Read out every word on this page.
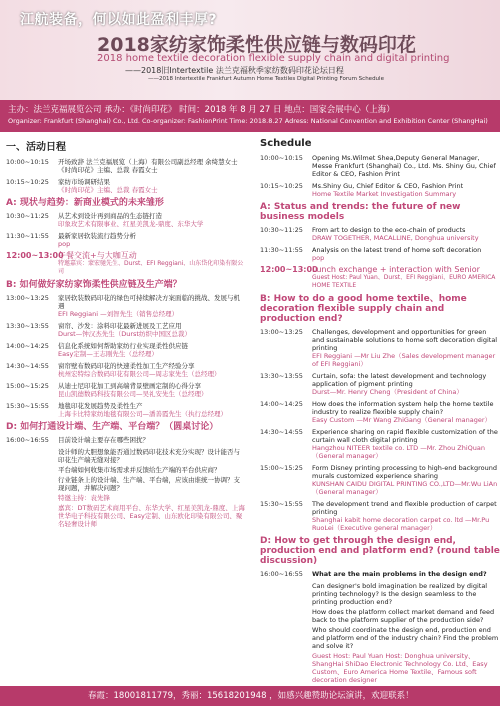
江航装备，何以如此盈利丰厚?
2018家纺家饰柔性供应链与数码印花
2018 home textile decoration flexible supply chain and digital printing
——2018旧Intertextile 法兰克福秋季家纺数码印花论坛日程
——2018 Intertextile Frankfurt Autumn Home Textiles Digital Printing Forum Schedule
主办：法兰克福展览公司 承办：《时尚印花》 时间：2018 年 8 月 27 日 地点：国家会展中心（上海）
Organizer: Frankfurt (Shanghai) Co., Ltd. Co-organizer: FashionPrint Time: 2018.8.27 Adress: National Convention and Exhibition Center (ShangHai)
一、活动日程
10:00~10:15	开场致辞 法兰克福展览（上海）有限公司副总经理 余绮慧女士
《时尚印花》主编、总裁 春霞女士
10:15~10:25	家纺市场调研结果
《时尚印花》主编、总裁 春霞女士
A: 现状与趋势：新商业模式的未来雏形
10:30~11:25	从艺术到设计再到商品的生态链打造
印象玫艺术有限事业、红星美凯龙-鼎度、东华大学
11:30~11:55	最新家居软装流行趋势分析
pop
12:00~13:00
午餐交流+与大咖互动
特邀嘉宾：蒙宏驰先生、Durst、EFI Reggiani、山东岱化印染有限公司
B: 如何做好家纺家饰柔性供应链及生产端？
13:00~13:25	家居软装数码印花的绿色可持续解决方案面临的挑战、发展与机遇
EFI Reggiani —刘智先生（销售总经理）
13:30~13:55	窗帘、沙发：涂料印花最新进展及工艺应用
Durst—钟汉杰先生（Durst纺织中国区总裁）
14:00~14:25	信息化系统如何帮助家纺行业实现柔性供应链
Easy定制—王志刚先生（总经理）
14:30~14:55	窗帘壁布数码印花的快速柔性加工生产经验分享
杭州宏特综合数码印花有限公司—周志家先生（总经理）
15:00~15:25	从迪士尼印花加工到高端背景壁画定制的心得分享
昆山凯德数码科技有限公司—吴礼安先生（总经理）
15:30~15:55	地毯印花发展趋势及柔性生产
上海卡比特家纺地毯有限公司—潘善霞先生（执行总经理）
D: 如何打通设计端、生产端、平台端？（圆桌讨论）
16:00~16:55	目前设计端主要存在哪些困扰？

设计师的大胆想象能否通过数码印花技术充分实现？设计能否与印花生产端无缝对接？

平台端如何收集市场需求并反馈给生产端的平台供应商？

行业链条上的设计端、生产端、平台端，应该由谁统一协调？支现问题，并解决问题？

特邀主持：袁先锋

嘉宾：DT数码艺术商用平台、东华大学、红星美凯龙-鼎度、上海世华电子科技有限公司、Easy定制、山东欧化印染有限公司、聚名轻奢设计师

Schedule
10:00~10:15	Opening Ms.Wilmet Shea,Deputy General Manager, Messe Frankfurt (Shanghai) Co., Ltd. Ms. Shiny Gu, Chief Editor & CEO, Fashion Print
10:15~10:25	Ms.Shiny Gu, Chief Editor & CEO, Fashion Print
Home Textile Market Investigation Summary
A: Status and trends: the future of new business models
10:30~11:25	From art to design to the eco-chain of products
DRAW TOGETHER, MACALLINE, Donghua university
11:30~11:55	Analysis on the latest trend of home soft decoration
pop
12:00~13:00
Lunch exchange + interaction with Senior
Guest Host: Paul Yuan、Durst、EFI Reggiani、EURO AMERICA HOME TEXTILE
B: How to do a good home textile、home decoration flexible supply chain and production end?
13:00~13:25	Challenges, development and opportunities for green and sustainable solutions to home soft decoration digital printing
EFI Reggiani —Mr Liu Zhe（Sales development manager of EFI Reggiani）
13:30~13:55	Curtain, sofa: the latest development and technology application of pigment printing
Durst—Mr. Henry Cheng（President of China）
14:00~14:25	How does the information system help the home textile industry to realize flexible supply chain?
Easy Custom —Mr Wang ZhiGang（General manager）
14:30~14:55	Experience sharing on rapid flexible customization of the curtain wall cloth digital printing
Hangzhou NITEER textile co. LTD —Mr. Zhou ZhiQuan（General manager）
15:00~15:25	Form Disney printing processing to high-end background murals customized experience sharing
KUNSHAN CAIDU DIGITAL PRINTING CO.,LTD—Mr.Wu LiAn（General manager）
15:30~15:55	The development trend and flexible production of carpet printing
Shanghai kabit home decoration carpet co. ltd —Mr.Pu RuoLei（Executive general manager）
D: How to get through the design end, production end and platform end? (round table discussion)
16:00~16:55	What are the main problems in the design end?

Can designer's bold imagination be realized by digital printing technology? Is the design seamless to the printing production end?

How does the platform collect market demand and feed back to the platform supplier of the production side?

Who should coordinate the design end, production end and platform end of the industry chain? Find the problem and solve it?

Guest Host: Paul Yuan Host: Donghua university、ShangHai ShiDao Electronic Technology Co. Ltd、Easy Custom、Euro America Home Textile、Famous soft decoration designer

春霞：18001811779，秀丽：15618201948 ，如感兴趣赞助论坛演讲，欢迎联系！
